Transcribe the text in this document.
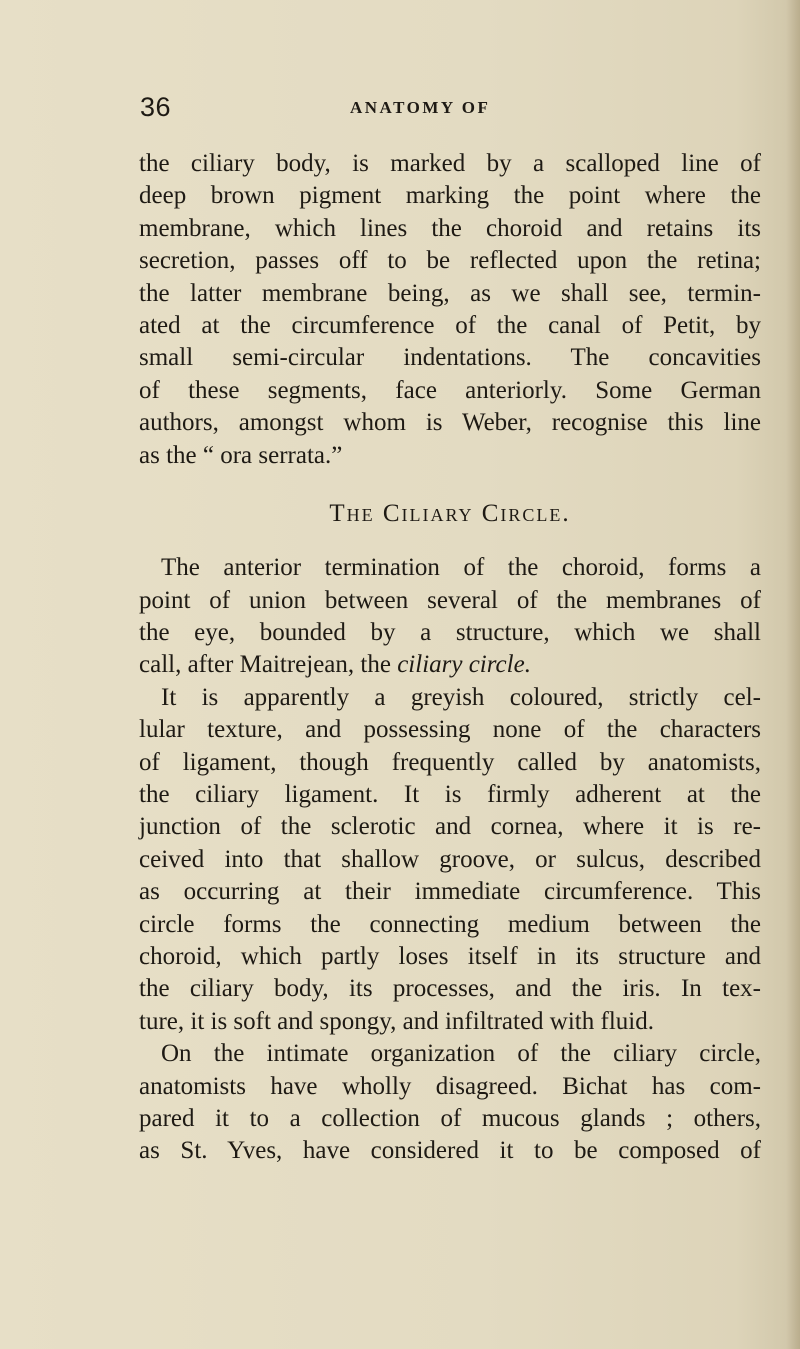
36	ANATOMY OF
the ciliary body, is marked by a scalloped line of
deep brown pigment marking the point where the
membrane, which lines the choroid and retains its
secretion, passes off to be reflected upon the retina;
the latter membrane being, as we shall see, termin-
ated at the circumference of the canal of Petit, by
small semi-circular indentations. The concavities
of these segments, face anteriorly. Some German
authors, amongst whom is Weber, recognise this line
as the “ ora serrata.”
The Ciliary Circle.
The anterior termination of the choroid, forms a
point of union between several of the membranes of
the eye, bounded by a structure, which we shall
call, after Maitrejean, the ciliary circle.
It is apparently a greyish coloured, strictly cel-
lular texture, and possessing none of the characters
of ligament, though frequently called by anatomists,
the ciliary ligament. It is firmly adherent at the
junction of the sclerotic and cornea, where it is re-
ceived into that shallow groove, or sulcus, described
as occurring at their immediate circumference. This
circle forms the connecting medium between the
choroid, which partly loses itself in its structure and
the ciliary body, its processes, and the iris. In tex-
ture, it is soft and spongy, and infiltrated with fluid.
On the intimate organization of the ciliary circle,
anatomists have wholly disagreed. Bichat has com-
pared it to a collection of mucous glands ; others,
as St. Yves, have considered it to be composed of
